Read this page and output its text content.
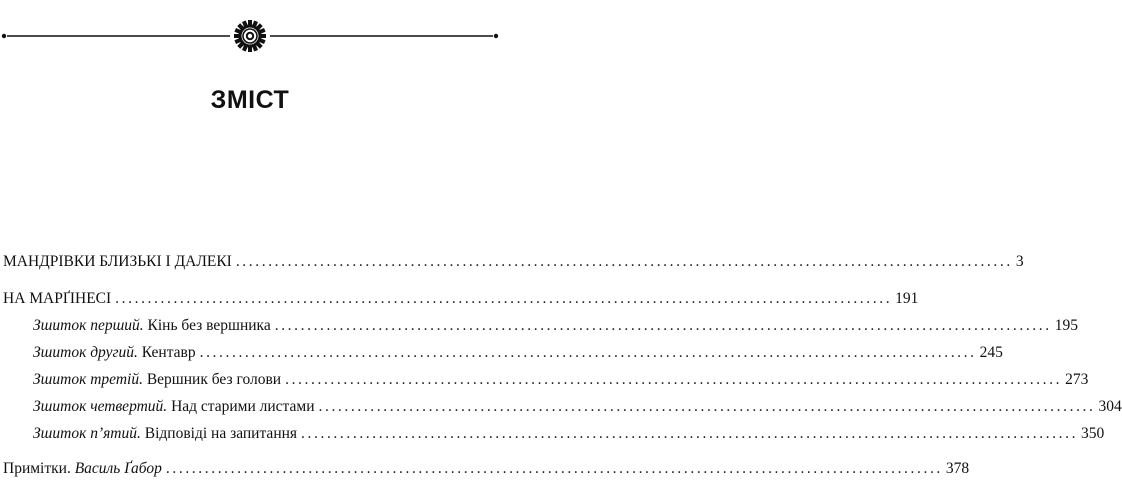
ЗМІСТ
МАНДРІВКИ БЛИЗЬКІ І ДАЛЕКІ ........................................................................................................................ 3
НА МАРҐІНЕСІ ........................................................................................................................ 191
Зшиток перший. Кінь без вершника ........................................................................................................................ 195
Зшиток другий. Кентавр ........................................................................................................................ 245
Зшиток третій. Вершник без голови ........................................................................................................................ 273
Зшиток четвертий. Над старими листами ........................................................................................................................ 304
Зшиток п’ятий. Відповіді на запитання ........................................................................................................................ 350
Примітки. Василь Ґабор ........................................................................................................................ 378
